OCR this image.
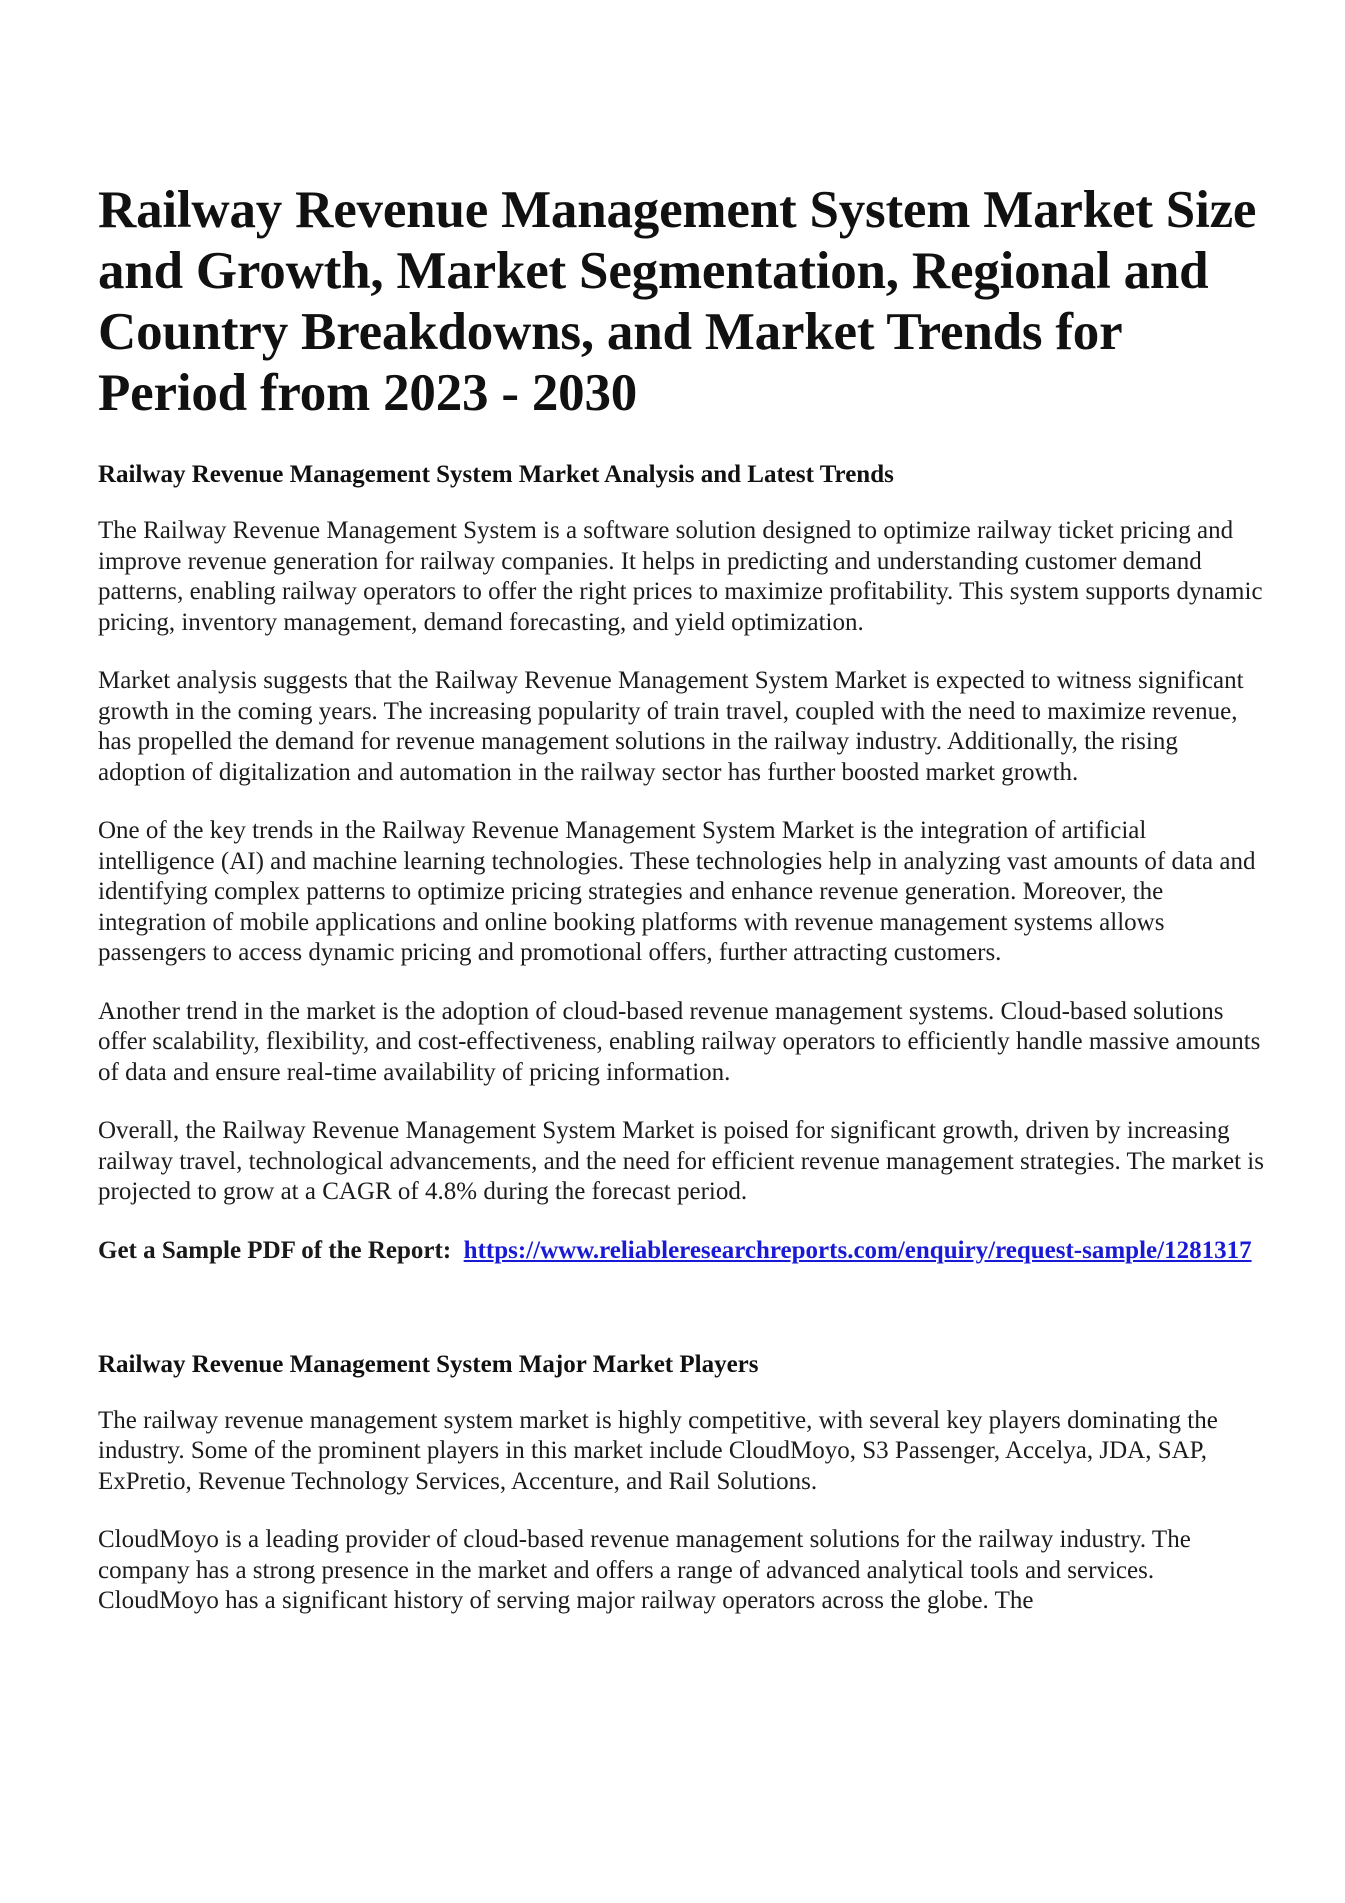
Railway Revenue Management System Market Size and Growth, Market Segmentation, Regional and Country Breakdowns, and Market Trends for Period from 2023 - 2030
Railway Revenue Management System Market Analysis and Latest Trends

The Railway Revenue Management System is a software solution designed to optimize railway ticket pricing and improve revenue generation for railway companies. It helps in predicting and understanding customer demand patterns, enabling railway operators to offer the right prices to maximize profitability. This system supports dynamic pricing, inventory management, demand forecasting, and yield optimization.

Market analysis suggests that the Railway Revenue Management System Market is expected to witness significant growth in the coming years. The increasing popularity of train travel, coupled with the need to maximize revenue, has propelled the demand for revenue management solutions in the railway industry. Additionally, the rising adoption of digitalization and automation in the railway sector has further boosted market growth.

One of the key trends in the Railway Revenue Management System Market is the integration of artificial intelligence (AI) and machine learning technologies. These technologies help in analyzing vast amounts of data and identifying complex patterns to optimize pricing strategies and enhance revenue generation. Moreover, the integration of mobile applications and online booking platforms with revenue management systems allows passengers to access dynamic pricing and promotional offers, further attracting customers.

Another trend in the market is the adoption of cloud-based revenue management systems. Cloud-based solutions offer scalability, flexibility, and cost-effectiveness, enabling railway operators to efficiently handle massive amounts of data and ensure real-time availability of pricing information.

Overall, the Railway Revenue Management System Market is poised for significant growth, driven by increasing railway travel, technological advancements, and the need for efficient revenue management strategies. The market is projected to grow at a CAGR of 4.8% during the forecast period.

Get a Sample PDF of the Report: https://www.reliableresearchreports.com/enquiry/request-sample/1281317
Railway Revenue Management System Major Market Players

The railway revenue management system market is highly competitive, with several key players dominating the industry. Some of the prominent players in this market include CloudMoyo, S3 Passenger, Accelya, JDA, SAP, ExPretio, Revenue Technology Services, Accenture, and Rail Solutions.

CloudMoyo is a leading provider of cloud-based revenue management solutions for the railway industry. The company has a strong presence in the market and offers a range of advanced analytical tools and services. CloudMoyo has a significant history of serving major railway operators across the globe. The
